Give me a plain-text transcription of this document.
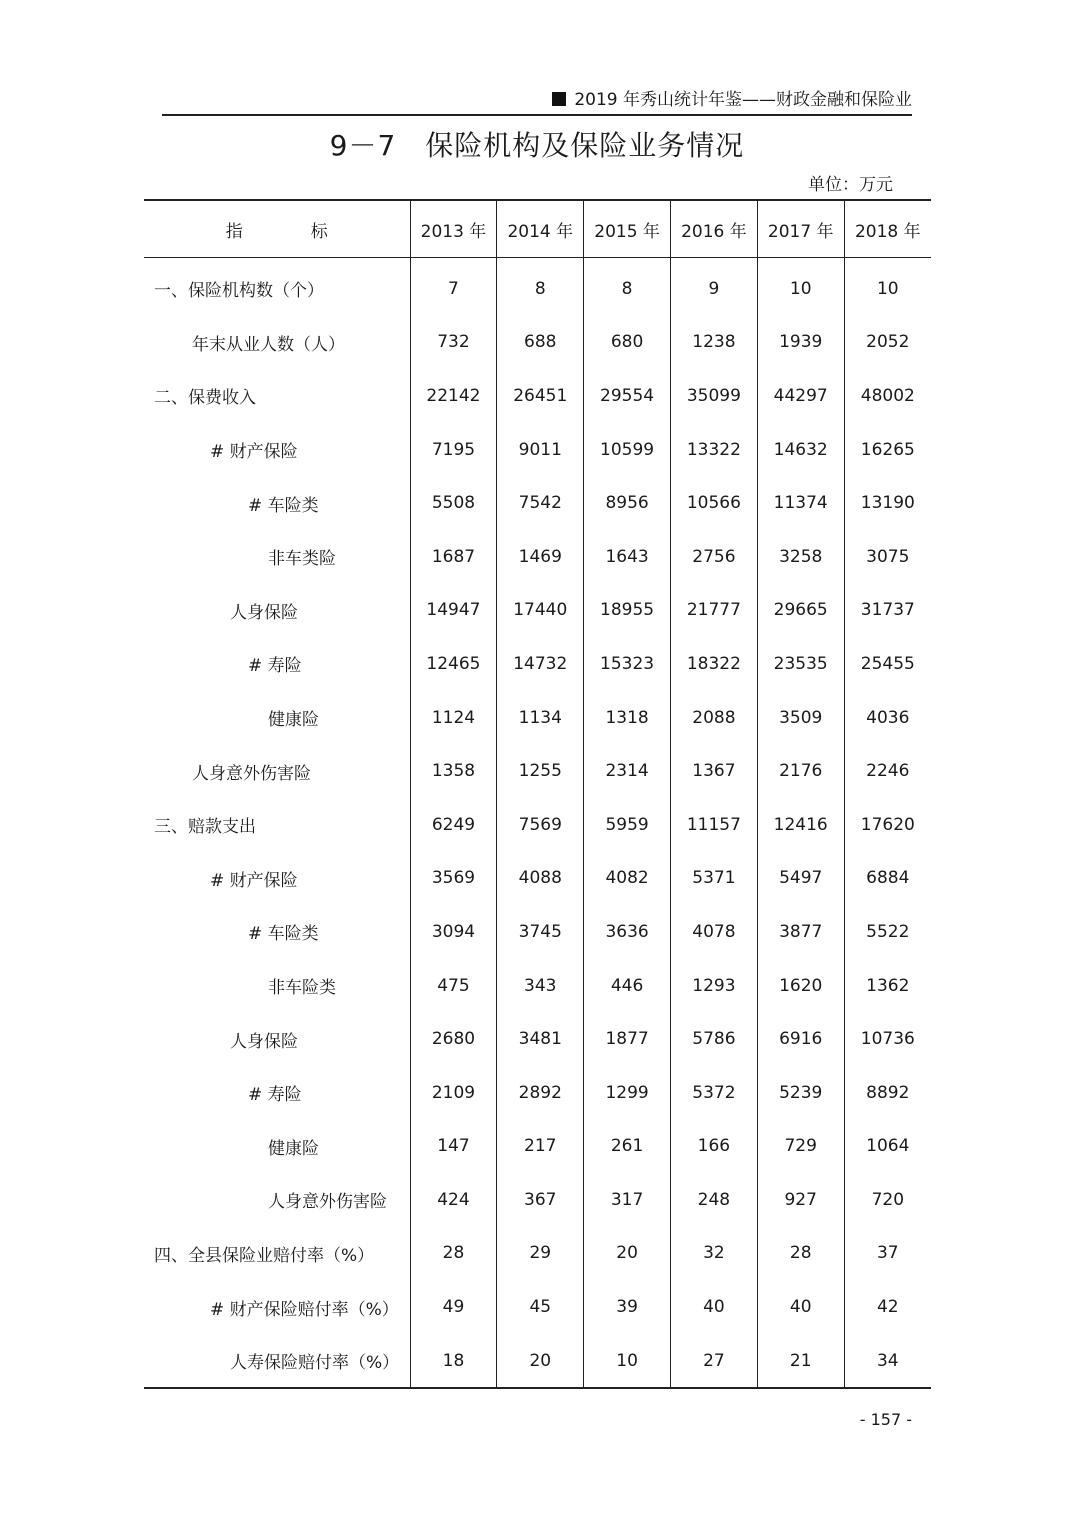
2019 年秀山统计年鉴——财政金融和保险业
9－7　保险机构及保险业务情况
单位：万元
指　　　　标	2013 年	2014 年	2015 年	2016 年	2017 年	2018 年
一、保险机构数（个）	7	8	8	9	10	10
年末从业人数（人）	732	688	680	1238	1939	2052
二、保费收入	22142	26451	29554	35099	44297	48002
# 财产保险	7195	9011	10599	13322	14632	16265
# 车险类	5508	7542	8956	10566	11374	13190
非车类险	1687	1469	1643	2756	3258	3075
人身保险	14947	17440	18955	21777	29665	31737
# 寿险	12465	14732	15323	18322	23535	25455
健康险	1124	1134	1318	2088	3509	4036
人身意外伤害险	1358	1255	2314	1367	2176	2246
三、赔款支出	6249	7569	5959	11157	12416	17620
# 财产保险	3569	4088	4082	5371	5497	6884
# 车险类	3094	3745	3636	4078	3877	5522
非车险类	475	343	446	1293	1620	1362
人身保险	2680	3481	1877	5786	6916	10736
# 寿险	2109	2892	1299	5372	5239	8892
健康险	147	217	261	166	729	1064
人身意外伤害险	424	367	317	248	927	720
四、全县保险业赔付率（%）	28	29	20	32	28	37
# 财产保险赔付率（%）	49	45	39	40	40	42
人寿保险赔付率（%）	18	20	10	27	21	34
- 157 -
